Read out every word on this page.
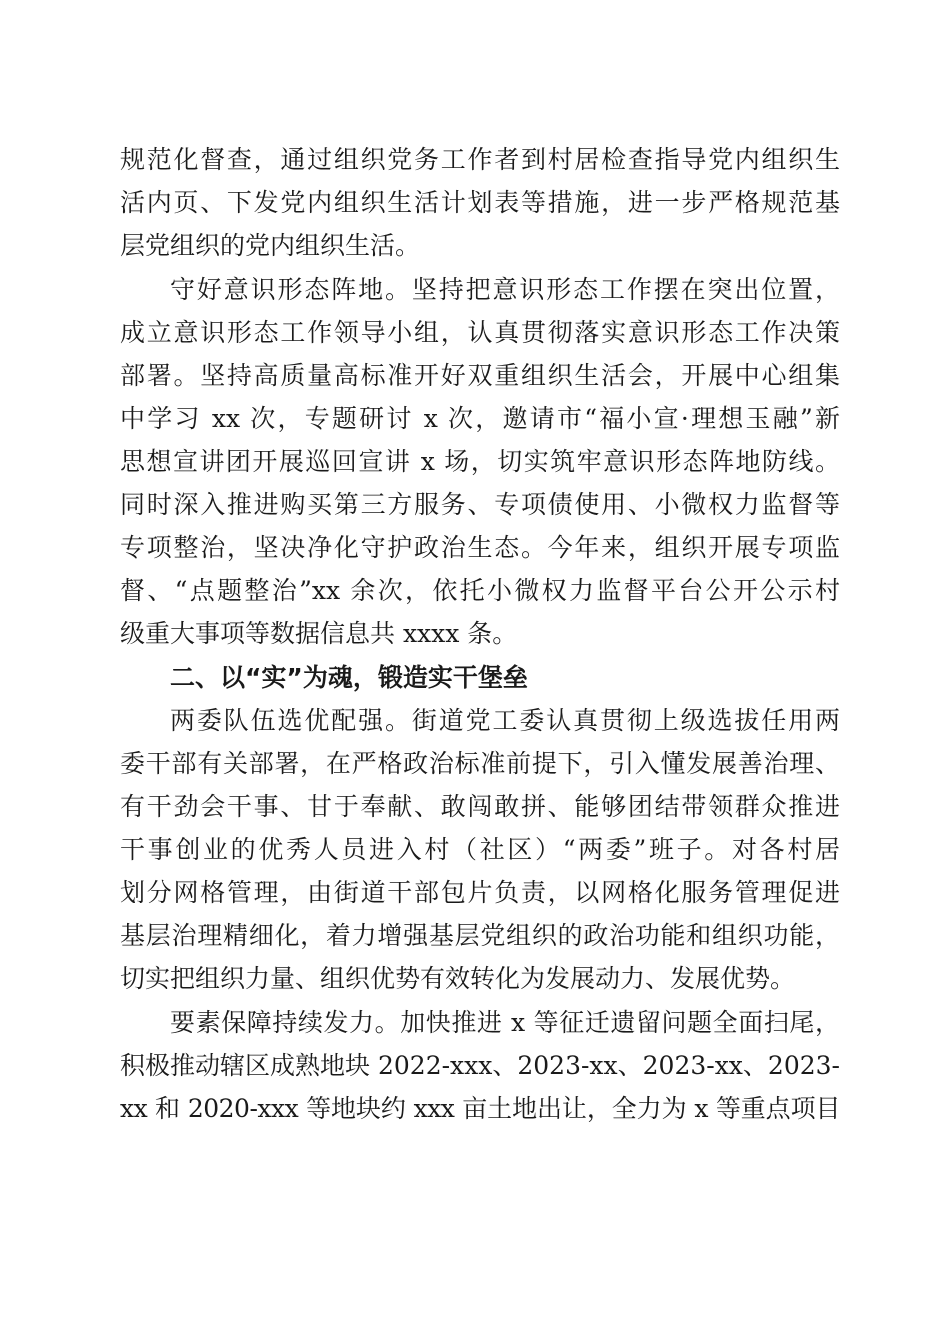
规范化督查，通过组织党务工作者到村居检查指导党内组织生
活内页、下发党内组织生活计划表等措施，进一步严格规范基
层党组织的党内组织生活。
守好意识形态阵地。坚持把意识形态工作摆在突出位置，
成立意识形态工作领导小组，认真贯彻落实意识形态工作决策
部署。坚持高质量高标准开好双重组织生活会，开展中心组集
中学习 xx 次，专题研讨 x 次，邀请市“福小宣·理想玉融”新
思想宣讲团开展巡回宣讲 x 场，切实筑牢意识形态阵地防线。
同时深入推进购买第三方服务、专项债使用、小微权力监督等
专项整治，坚决净化守护政治生态。今年来，组织开展专项监
督、“点题整治”xx 余次，依托小微权力监督平台公开公示村
级重大事项等数据信息共 xxxx 条。
二、以“实”为魂，锻造实干堡垒
两委队伍选优配强。街道党工委认真贯彻上级选拔任用两
委干部有关部署，在严格政治标准前提下，引入懂发展善治理、
有干劲会干事、甘于奉献、敢闯敢拼、能够团结带领群众推进
干事创业的优秀人员进入村（社区）“两委”班子。对各村居
划分网格管理，由街道干部包片负责，以网格化服务管理促进
基层治理精细化，着力增强基层党组织的政治功能和组织功能，
切实把组织力量、组织优势有效转化为发展动力、发展优势。
要素保障持续发力。加快推进 x 等征迁遗留问题全面扫尾，
积极推动辖区成熟地块 2022-xxx、2023-xx、2023-xx、2023-
xx 和 2020-xxx 等地块约 xxx 亩土地出让，全力为 x 等重点项目
